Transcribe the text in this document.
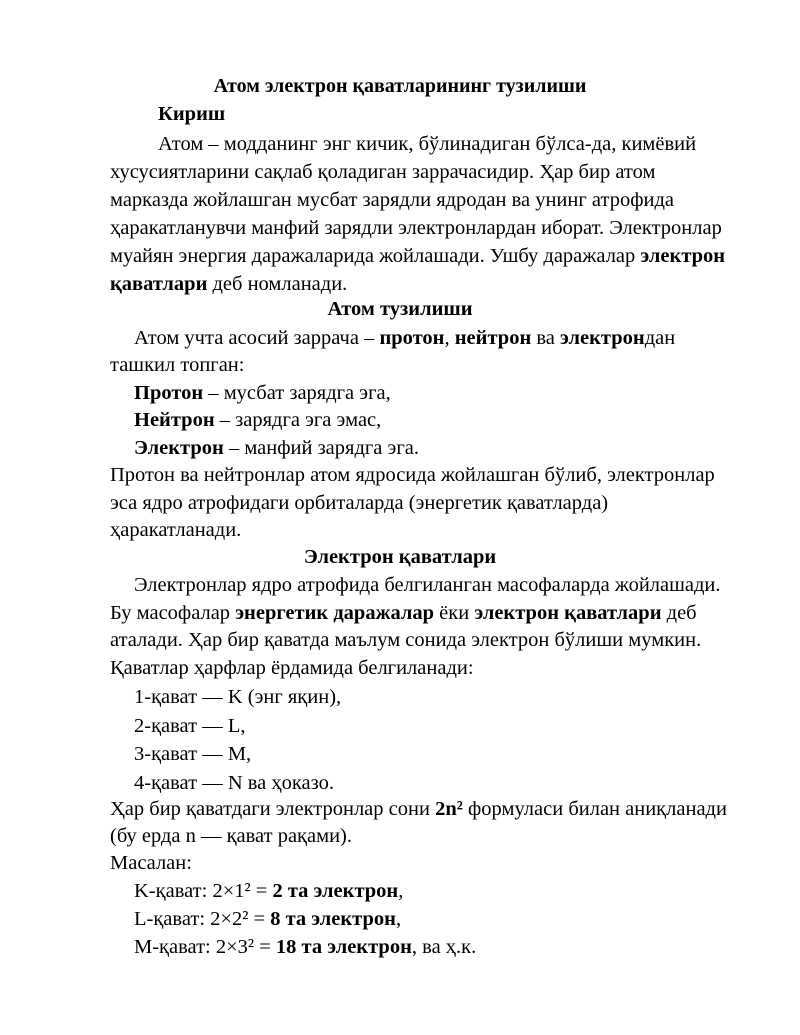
Атом электрон қаватларининг тузилиши
Кириш
Атом – модданинг энг кичик, бўлинадиган бўлса-да, кимёвий
хусусиятларини сақлаб қоладиган заррачасидир. Ҳар бир атом
марказда жойлашган мусбат зарядли ядродан ва унинг атрофида
ҳаракатланувчи манфий зарядли электронлардан иборат. Электронлар
муайян энергия даражаларида жойлашади. Ушбу даражалар электрон
қаватлари деб номланади.
Атом тузилиши
Атом учта асосий заррача – протон, нейтрон ва электрондан
ташкил топган:
Протон – мусбат зарядга эга,
Нейтрон – зарядга эга эмас,
Электрон – манфий зарядга эга.
Протон ва нейтронлар атом ядросида жойлашган бўлиб, электронлар
эса ядро атрофидаги орбиталарда (энергетик қаватларда)
ҳаракатланади.
Электрон қаватлари
Электронлар ядро атрофида белгиланган масофаларда жойлашади.
Бу масофалар энергетик даражалар ёки электрон қаватлари деб
аталади. Ҳар бир қаватда маълум сонида электрон бўлиши мумкин.
Қаватлар ҳарфлар ёрдамида белгиланади:
1-қават — K (энг яқин),
2-қават — L,
3-қават — M,
4-қават — N ва ҳоказо.
Ҳар бир қаватдаги электронлар сони 2n² формуласи билан аниқланади
(бу ерда n — қават рақами).
Масалан:
K-қават: 2×1² = 2 та электрон,
L-қават: 2×2² = 8 та электрон,
M-қават: 2×3² = 18 та электрон, ва ҳ.к.
